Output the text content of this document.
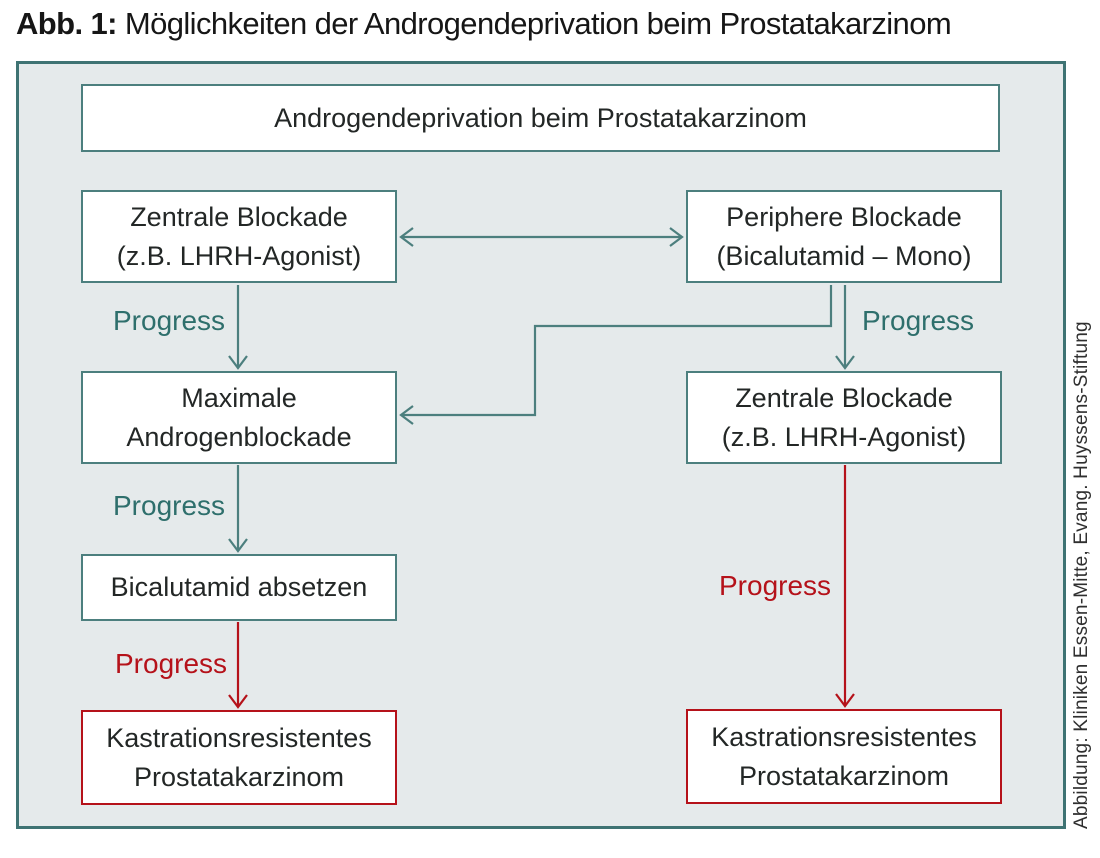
Abb. 1: Möglichkeiten der Androgendeprivation beim Prostatakarzinom
Androgendeprivation beim Prostatakarzinom
Zentrale Blockade
(z.B. LHRH-Agonist)
Periphere Blockade
(Bicalutamid – Mono)
Maximale
Androgenblockade
Zentrale Blockade
(z.B. LHRH-Agonist)
Bicalutamid absetzen
Kastrationsresistentes
Prostatakarzinom
Kastrationsresistentes
Prostatakarzinom
Progress	Progress
Progress
Progress
Progress	Abbildung: Kliniken Essen-Mitte, Evang. Huyssens-Stiftung
